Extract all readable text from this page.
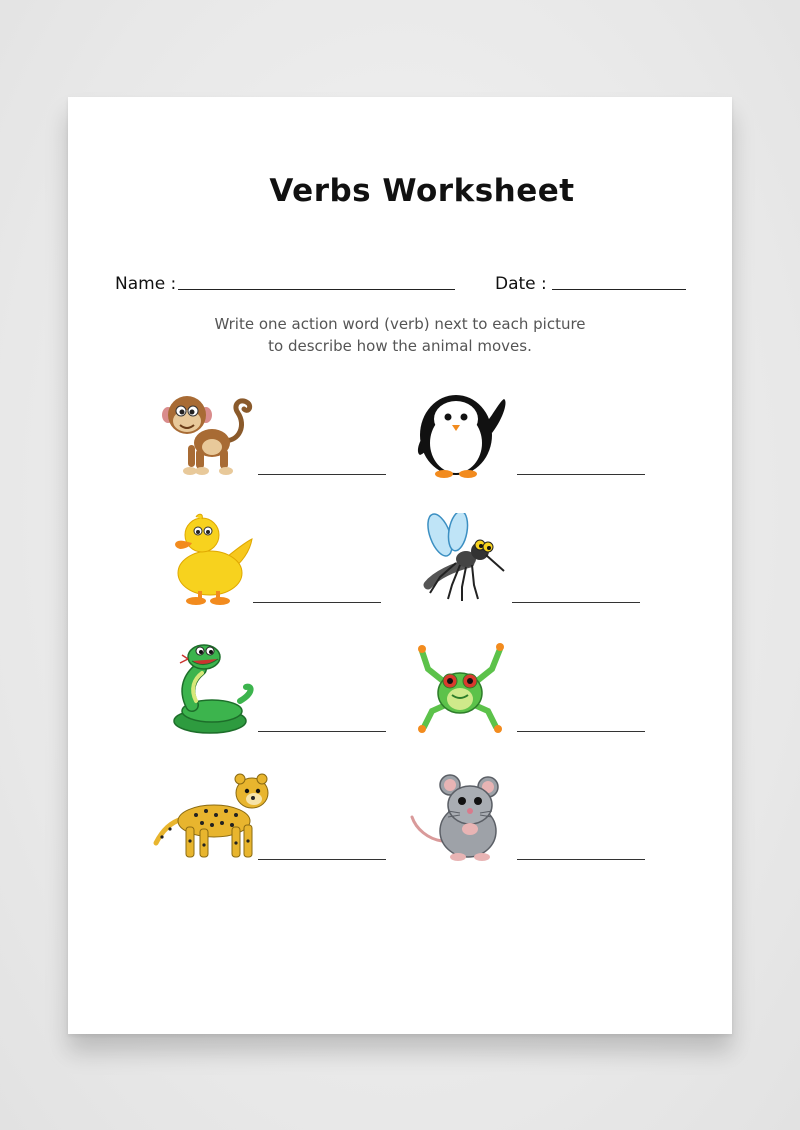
Verbs Worksheet
Name :	Date :
Write one action word (verb) next to each picture
to describe how the animal moves.
